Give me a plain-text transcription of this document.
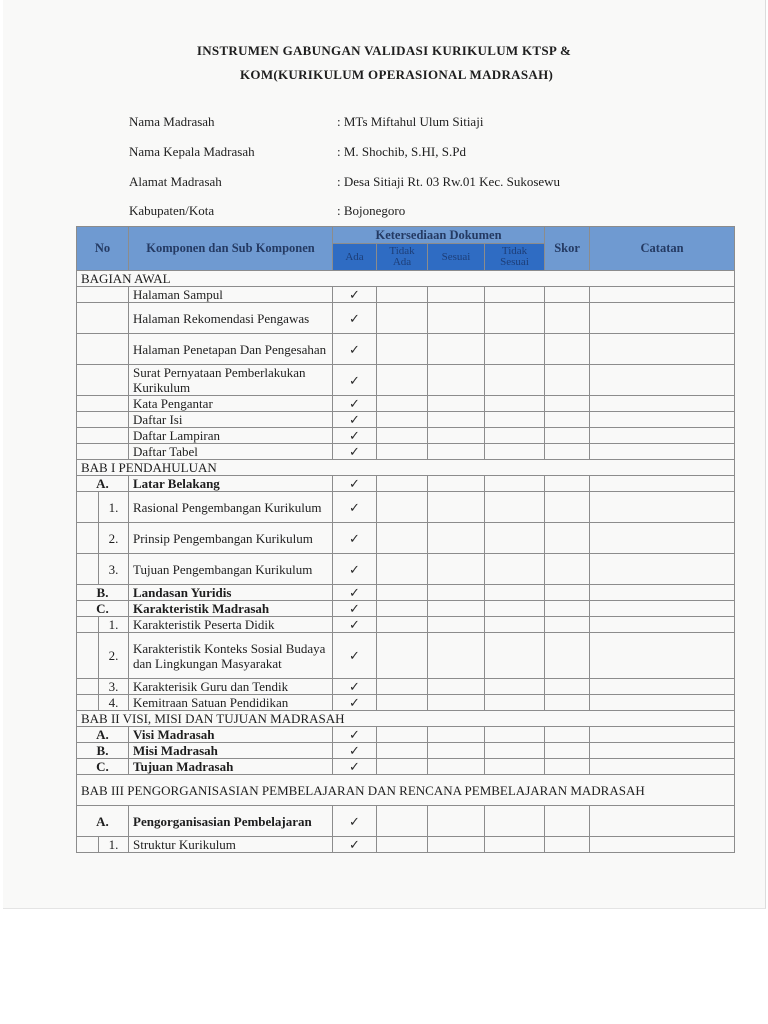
INSTRUMEN GABUNGAN VALIDASI KURIKULUM KTSP &
KOM(KURIKULUM OPERASIONAL MADRASAH)
Nama Madrasah	: MTs Miftahul Ulum Sitiaji
Nama Kepala Madrasah	: M. Shochib, S.HI, S.Pd
Alamat Madrasah	: Desa Sitiaji Rt. 03 Rw.01 Kec. Sukosewu
Kabupaten/Kota	: Bojonegoro
No		Komponen dan Sub Komponen	Ketersediaan Dokumen				Skor	Catatan
			Ada	Tidak Ada	Sesuai	Tidak Sesuai		
BAGIAN AWAL								
		Halaman Sampul	✓					
		Halaman Rekomendasi Pengawas	✓					
		Halaman Penetapan Dan Pengesahan	✓					
		Surat Pernyataan Pemberlakukan Kurikulum	✓					
		Kata Pengantar	✓					
		Daftar Isi	✓					
		Daftar Lampiran	✓					
		Daftar Tabel	✓					
BAB I PENDAHULUAN								
A.		Latar Belakang	✓					
	1.	Rasional Pengembangan Kurikulum	✓					
	2.	Prinsip Pengembangan Kurikulum	✓					
	3.	Tujuan Pengembangan Kurikulum	✓					
B.		Landasan Yuridis	✓					
C.		Karakteristik Madrasah	✓					
	1.	Karakteristik Peserta Didik	✓					
	2.	Karakteristik Konteks Sosial Budaya dan Lingkungan Masyarakat	✓					
	3.	Karakterisik Guru dan Tendik	✓					
	4.	Kemitraan Satuan Pendidikan	✓					
BAB II VISI, MISI DAN TUJUAN MADRASAH								
A.		Visi Madrasah	✓					
B.		Misi Madrasah	✓					
C.		Tujuan Madrasah	✓					
BAB III PENGORGANISASIAN PEMBELAJARAN DAN RENCANA PEMBELAJARAN MADRASAH								
A.		Pengorganisasian Pembelajaran	✓					
	1.	Struktur Kurikulum	✓					
